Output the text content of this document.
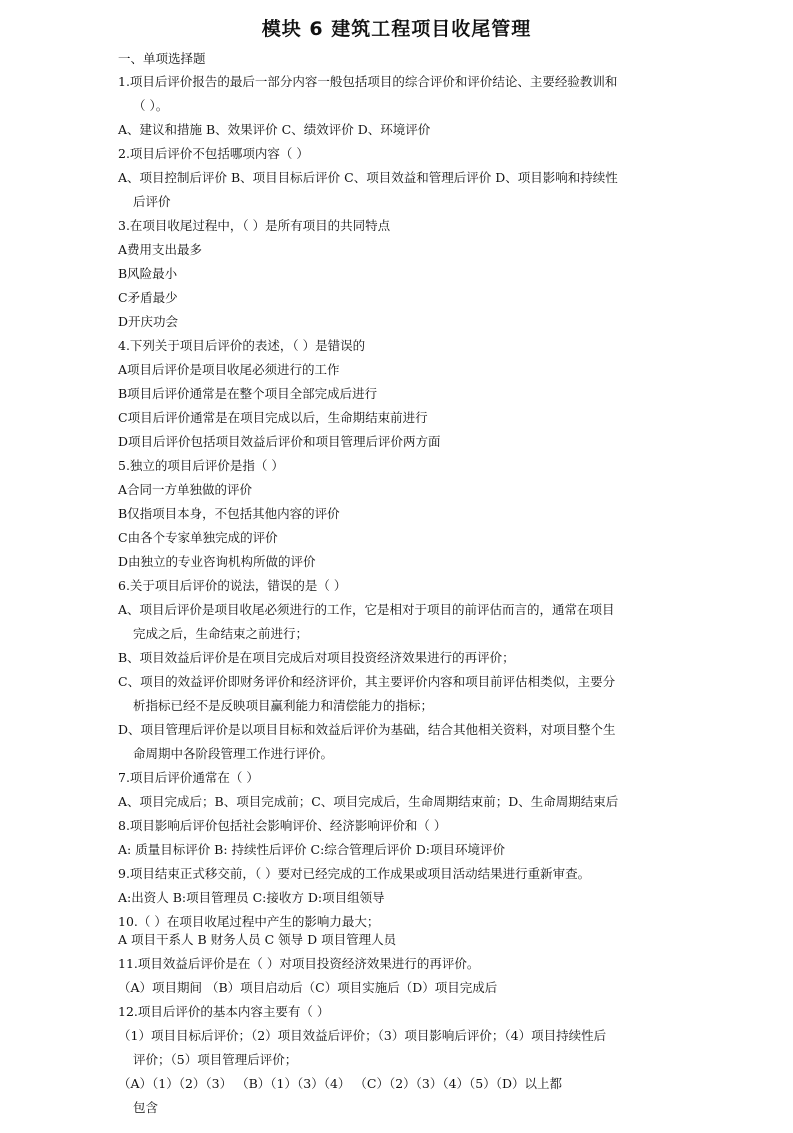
模块 6 建筑工程项目收尾管理
一、单项选择题
1.项目后评价报告的最后一部分内容一般包括项目的综合评价和评价结论、主要经验教训和
（ ）。
A、建议和措施 B、效果评价 C、绩效评价 D、环境评价
2.项目后评价不包括哪项内容（ ）
A、项目控制后评价 B、项目目标后评价 C、项目效益和管理后评价 D、项目影响和持续性
后评价
3.在项目收尾过程中，（ ）是所有项目的共同特点
A费用支出最多
B风险最小
C矛盾最少
D开庆功会
4.下列关于项目后评价的表述，（ ）是错误的
A项目后评价是项目收尾必须进行的工作
B项目后评价通常是在整个项目全部完成后进行
C项目后评价通常是在项目完成以后，生命期结束前进行
D项目后评价包括项目效益后评价和项目管理后评价两方面
5.独立的项目后评价是指（ ）
A合同一方单独做的评价
B仅指项目本身，不包括其他内容的评价
C由各个专家单独完成的评价
D由独立的专业咨询机构所做的评价
6.关于项目后评价的说法，错误的是（ ）
A、项目后评价是项目收尾必须进行的工作，它是相对于项目的前评估而言的，通常在项目
完成之后，生命结束之前进行；
B、项目效益后评价是在项目完成后对项目投资经济效果进行的再评价；
C、项目的效益评价即财务评价和经济评价，其主要评价内容和项目前评估相类似，主要分
析指标已经不是反映项目赢利能力和清偿能力的指标；
D、项目管理后评价是以项目目标和效益后评价为基础，结合其他相关资料，对项目整个生
命周期中各阶段管理工作进行评价。
7.项目后评价通常在（ ）
A、项目完成后；B、项目完成前；C、项目完成后，生命周期结束前；D、生命周期结束后
8.项目影响后评价包括社会影响评价、经济影响评价和（ ）
A: 质量目标评价 B: 持续性后评价 C:综合管理后评价 D:项目环境评价
9.项目结束正式移交前，（ ）要对已经完成的工作成果或项目活动结果进行重新审查。
A:出资人 B:项目管理员 C:接收方 D:项目组领导
10.（ ）在项目收尾过程中产生的影响力最大；
A 项目干系人 B 财务人员 C 领导 D 项目管理人员
11.项目效益后评价是在（ ）对项目投资经济效果进行的再评价。
（A）项目期间 （B）项目启动后（C）项目实施后（D）项目完成后
12.项目后评价的基本内容主要有（ ）
（1）项目目标后评价；（2）项目效益后评价；（3）项目影响后评价；（4）项目持续性后
评价；（5）项目管理后评价；
（A）（1）（2）（3） （B）（1）（3）（4） （C）（2）（3）（4）（5）（D）以上都
包含
